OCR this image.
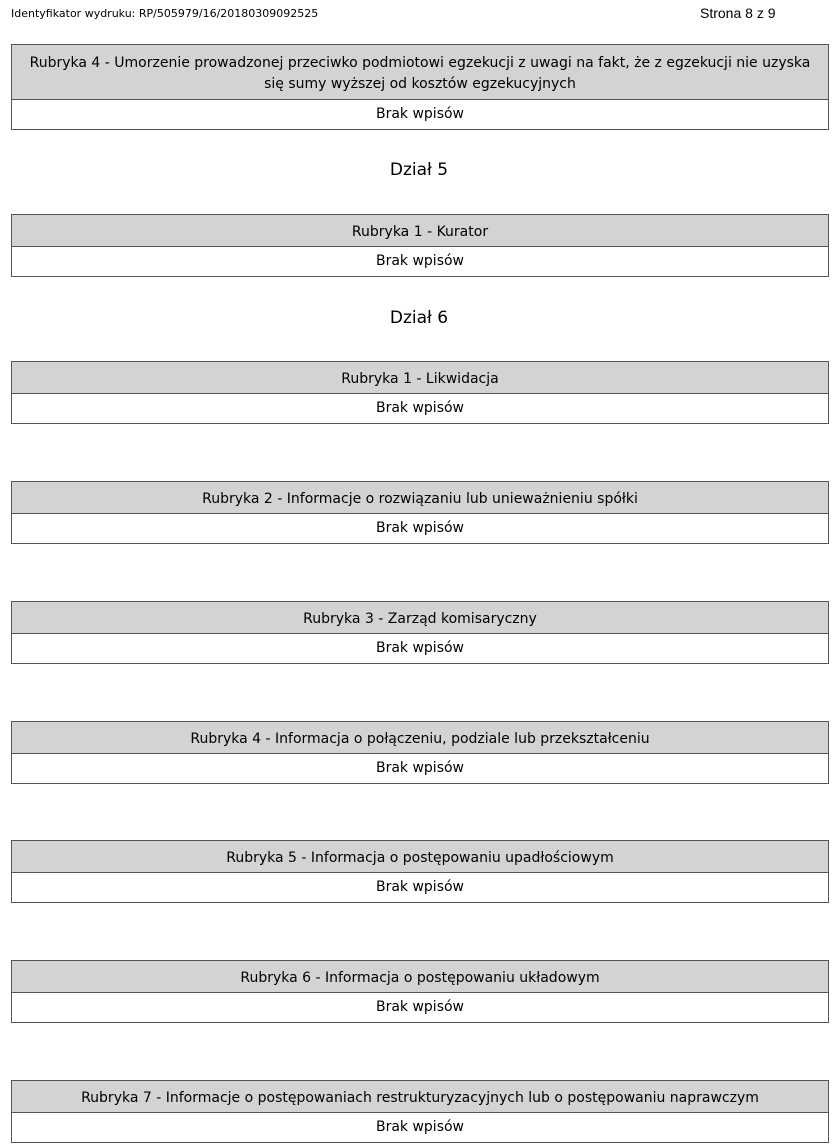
Identyfikator wydruku: RP/505979/16/20180309092525	Strona 8 z 9
Rubryka 4 - Umorzenie prowadzonej przeciwko podmiotowi egzekucji z uwagi na fakt, że z egzekucji nie uzyska się sumy wyższej od kosztów egzekucyjnych
Brak wpisów
Dział 5
Rubryka 1 - Kurator
Brak wpisów
Dział 6
Rubryka 1 - Likwidacja
Brak wpisów
Rubryka 2 - Informacje o rozwiązaniu lub unieważnieniu spółki
Brak wpisów
Rubryka 3 - Zarząd komisaryczny
Brak wpisów
Rubryka 4 - Informacja o połączeniu, podziale lub przekształceniu
Brak wpisów
Rubryka 5 - Informacja o postępowaniu upadłościowym
Brak wpisów
Rubryka 6 - Informacja o postępowaniu układowym
Brak wpisów
Rubryka 7 - Informacje o postępowaniach restrukturyzacyjnych lub o postępowaniu naprawczym
Brak wpisów
